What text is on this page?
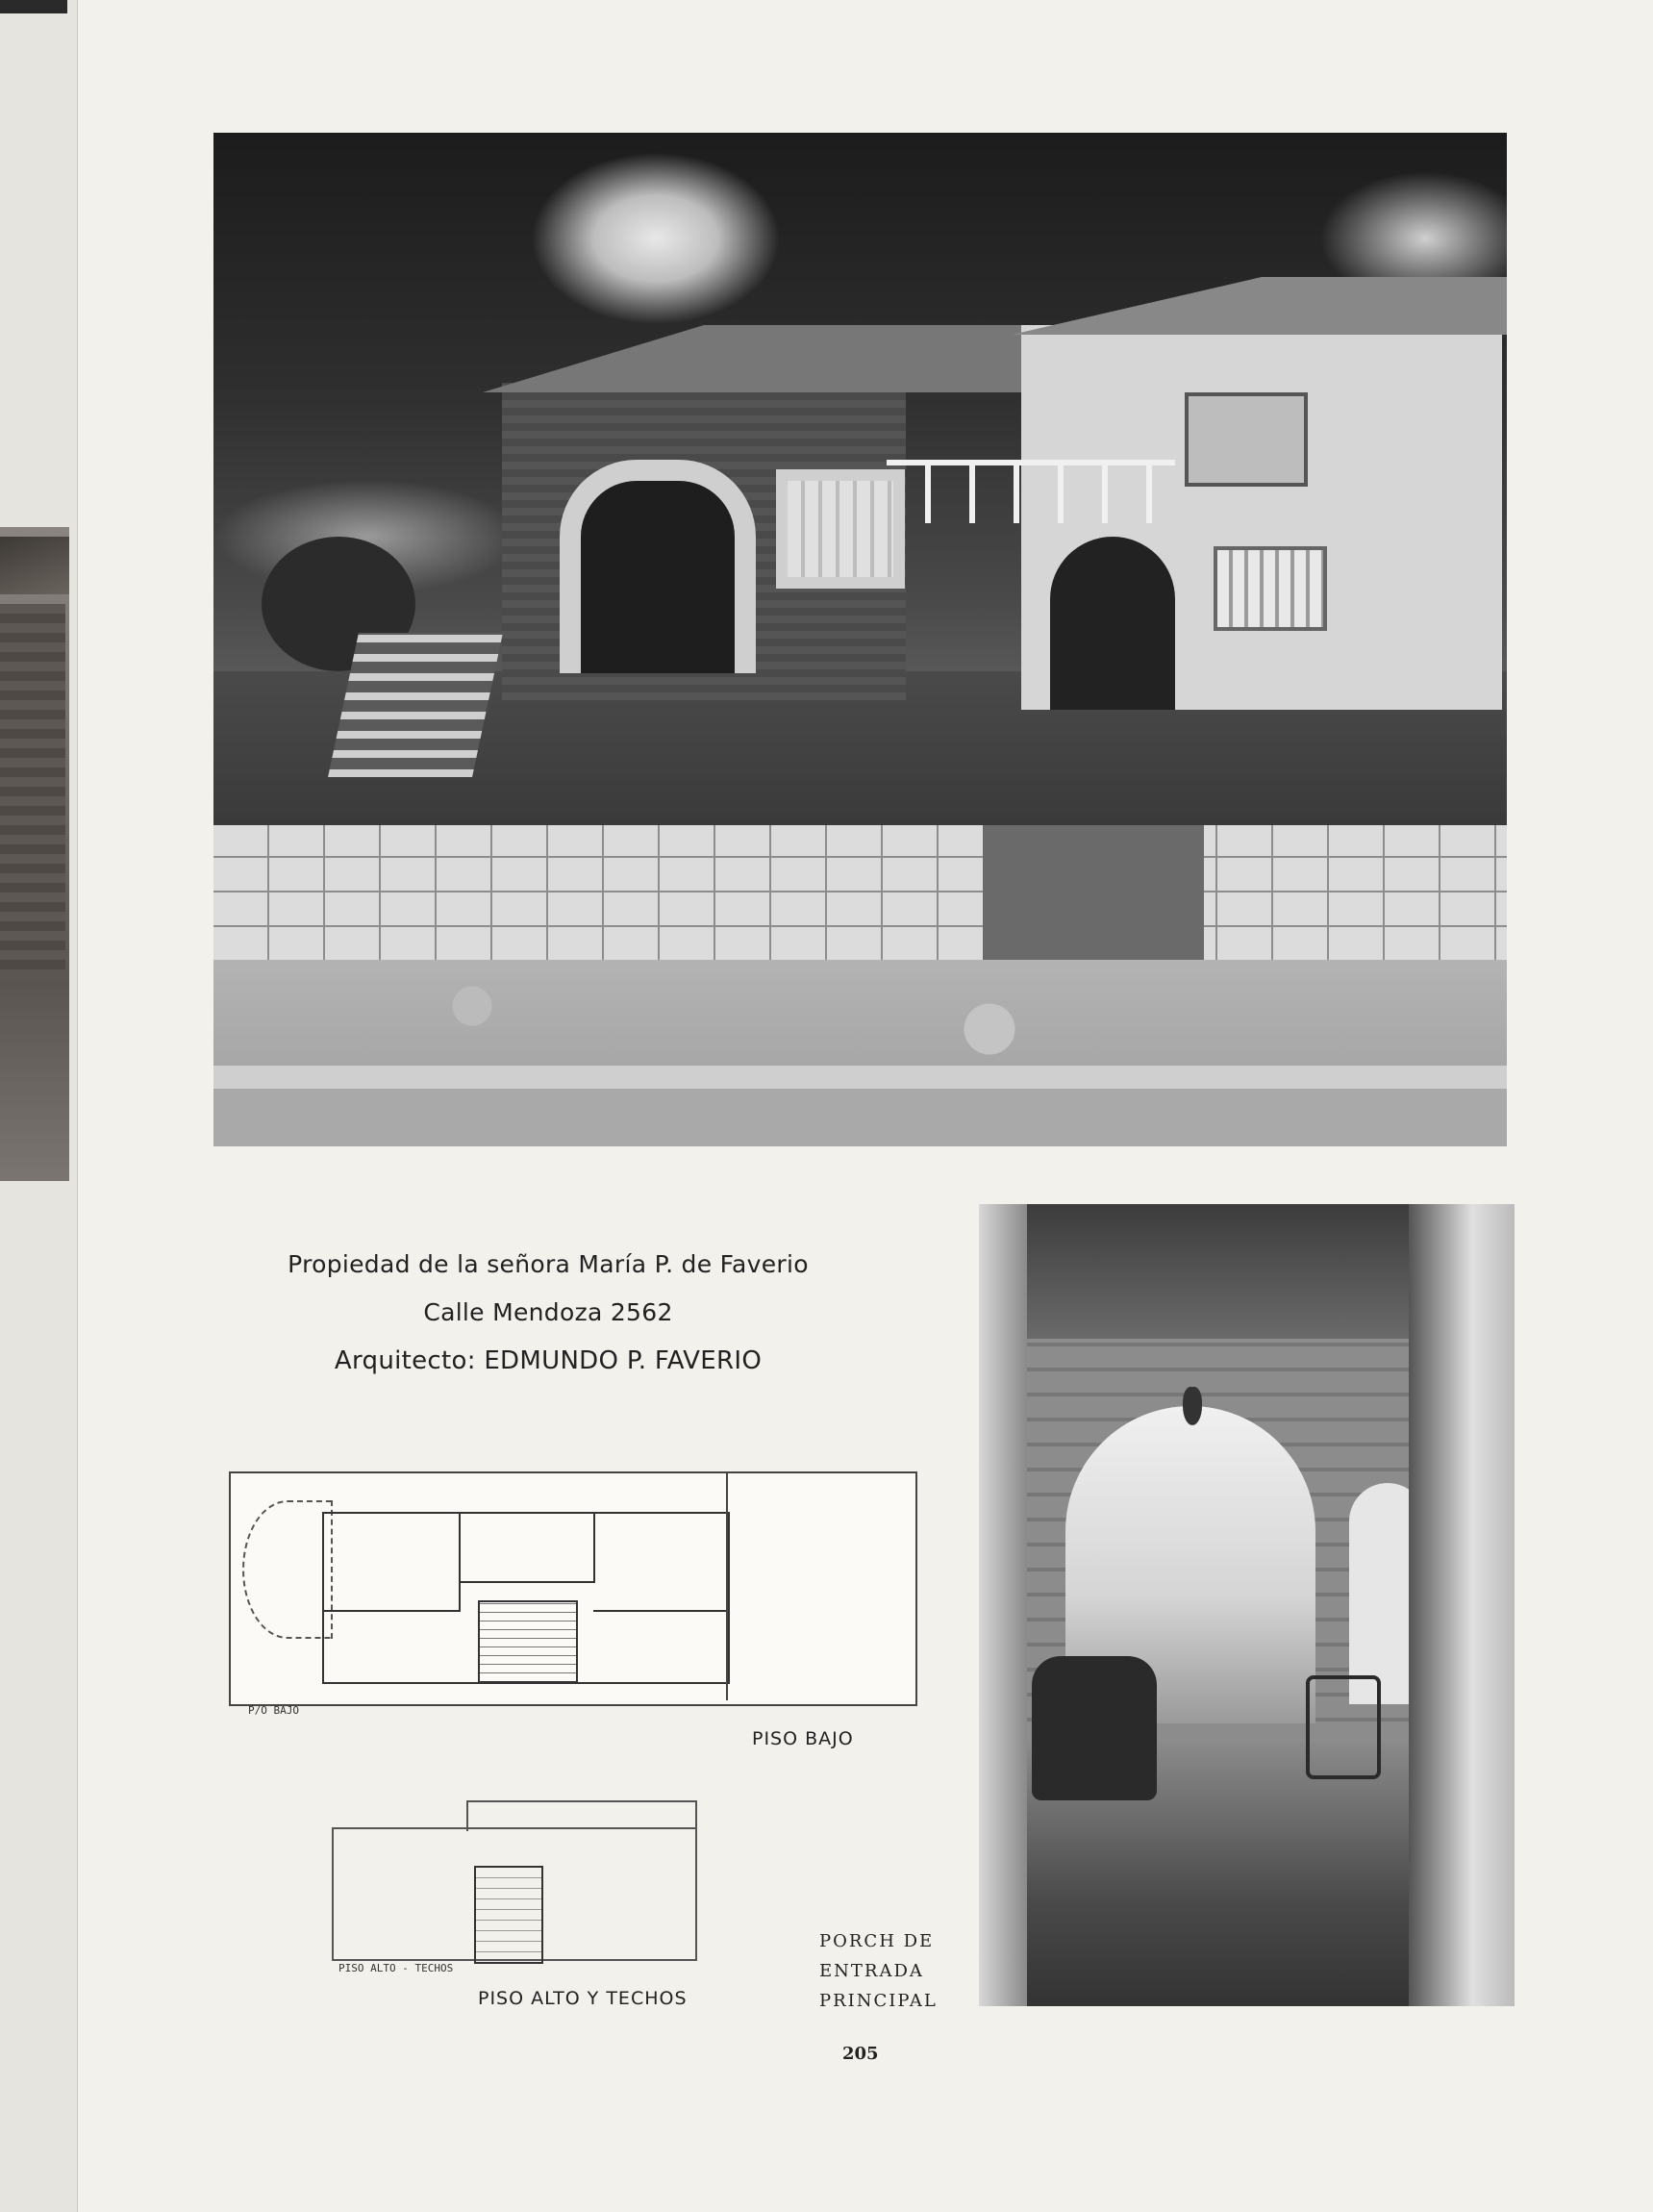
Propiedad de la señora María P. de Faverio
Calle Mendoza 2562
Arquitecto: EDMUNDO P. FAVERIO
P/O BAJO
PISO BAJO
PISO ALTO - TECHOS
PISO ALTO Y TECHOS
PORCH DE
ENTRADA
PRINCIPAL
205
